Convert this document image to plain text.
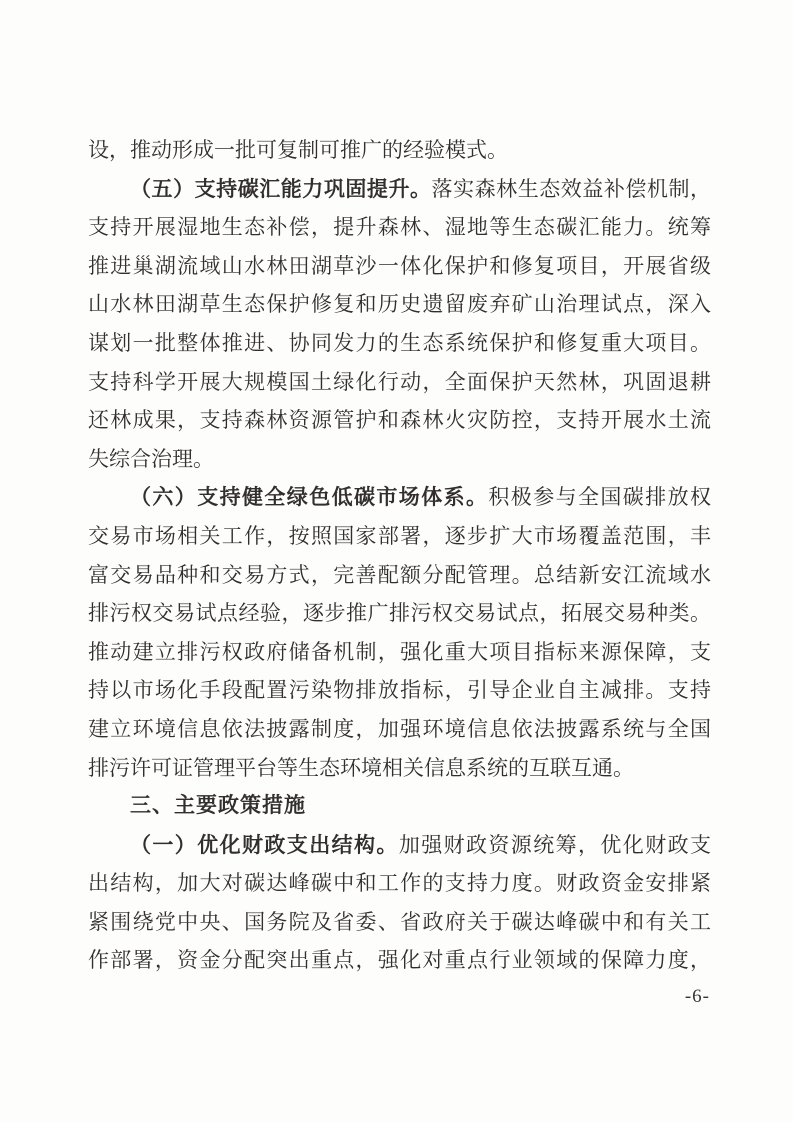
设，推动形成一批可复制可推广的经验模式。
（五）支持碳汇能力巩固提升。落实森林生态效益补偿机制，
支持开展湿地生态补偿，提升森林、湿地等生态碳汇能力。统筹
推进巢湖流域山水林田湖草沙一体化保护和修复项目，开展省级
山水林田湖草生态保护修复和历史遗留废弃矿山治理试点，深入
谋划一批整体推进、协同发力的生态系统保护和修复重大项目。
支持科学开展大规模国土绿化行动，全面保护天然林，巩固退耕
还林成果，支持森林资源管护和森林火灾防控，支持开展水土流
失综合治理。
（六）支持健全绿色低碳市场体系。积极参与全国碳排放权
交易市场相关工作，按照国家部署，逐步扩大市场覆盖范围，丰
富交易品种和交易方式，完善配额分配管理。总结新安江流域水
排污权交易试点经验，逐步推广排污权交易试点，拓展交易种类。
推动建立排污权政府储备机制，强化重大项目指标来源保障，支
持以市场化手段配置污染物排放指标，引导企业自主减排。支持
建立环境信息依法披露制度，加强环境信息依法披露系统与全国
排污许可证管理平台等生态环境相关信息系统的互联互通。
三、主要政策措施
（一）优化财政支出结构。加强财政资源统筹，优化财政支
出结构，加大对碳达峰碳中和工作的支持力度。财政资金安排紧
紧围绕党中央、国务院及省委、省政府关于碳达峰碳中和有关工
作部署，资金分配突出重点，强化对重点行业领域的保障力度，
-6-
